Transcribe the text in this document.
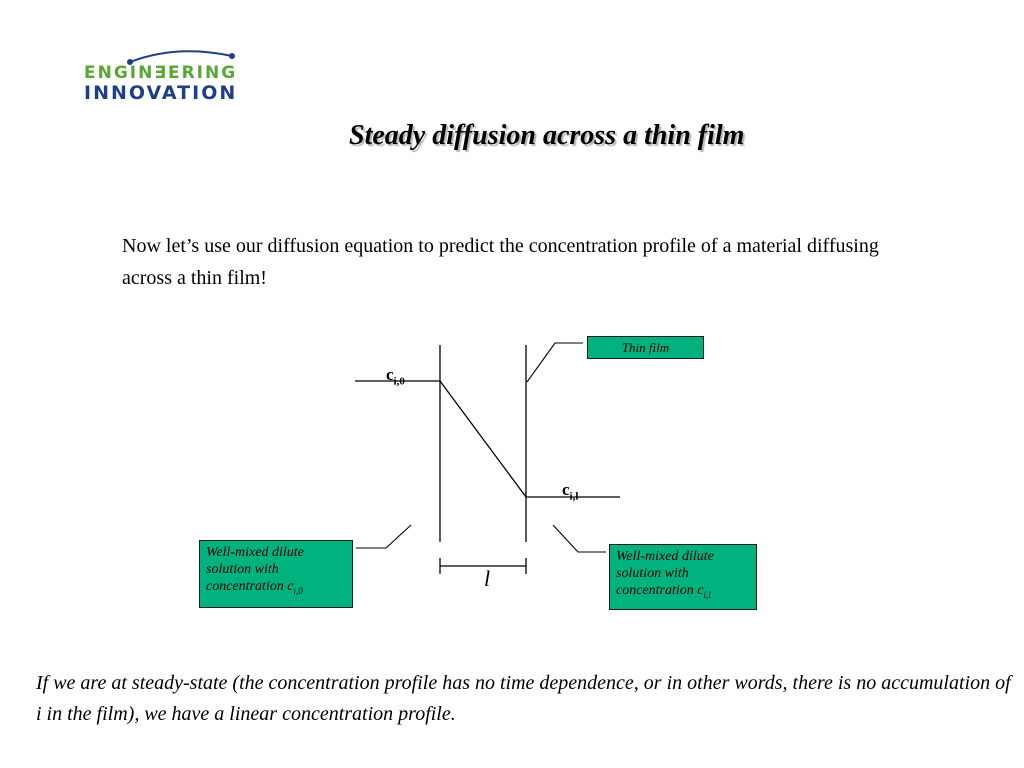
ENGIN∃ERING
INNOVATION
Steady diffusion across a thin film
Now let’s use our diffusion equation to predict the concentration profile of a material diffusing across a thin film!
$c_{i,0}$
$c_{i,l}$
l
Thin film
Well-mixed dilute solution with concentration $c_{i,0}$
Well-mixed dilute solution with concentration $c_{i,l}$
If we are at steady-state (the concentration profile has no time dependence, or in other words, there is no accumulation of i in the film), we have a linear concentration profile.
